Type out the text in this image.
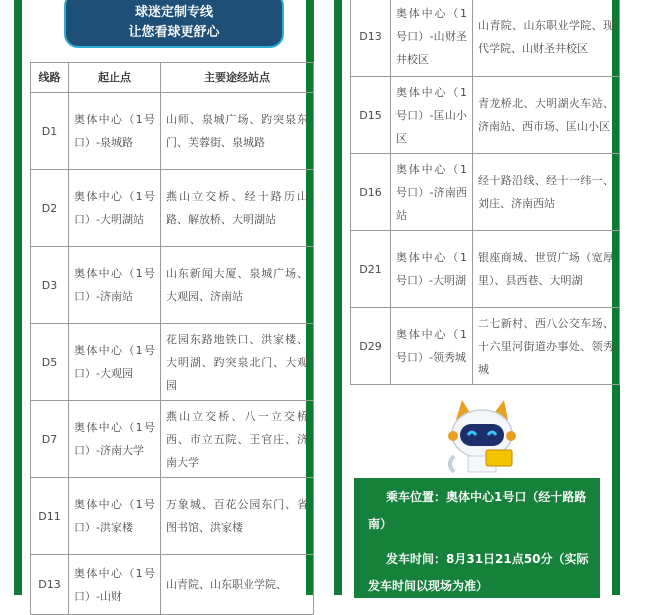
球迷定制专线
让您看球更舒心
线路	起止点	主要途经站点
D1	奥体中心（1号口）-泉城路	山师、泉城广场、趵突泉东门、芙蓉街、泉城路
D2	奥体中心（1号口）-大明湖站	燕山立交桥、经十路历山路、解放桥、大明湖站
D3	奥体中心（1号口）-济南站	山东新闻大厦、泉城广场、大观园、济南站
D5	奥体中心（1号口）-大观园	花园东路地铁口、洪家楼、大明湖、趵突泉北门、大观园
D7	奥体中心（1号口）-济南大学	燕山立交桥、八一立交桥西、市立五院、王官庄、济南大学
D11	奥体中心（1号口）-洪家楼	万象城、百花公园东门、省图书馆、洪家楼
D13	奥体中心（1号口）-山财	山青院、山东职业学院、
D13	奥体中心（1号口）-山财圣井校区	山青院、山东职业学院、现代学院、山财圣井校区
D15	奥体中心（1号口）-匡山小区	青龙桥北、大明湖火车站、济南站、西市场、匡山小区
D16	奥体中心（1号口）-济南西站	经十路沿线、经十一纬一、刘庄、济南西站
D21	奥体中心（1号口）-大明湖	银座商城、世贸广场（宽厚里）、县西巷、大明湖
D29	奥体中心（1号口）-领秀城	二七新村、西八公交车场、十六里河街道办事处、领秀城
乘车位置：奥体中心1号口（经十路路南）
发车时间：8月31日21点50分（实际发车时间以现场为准）
